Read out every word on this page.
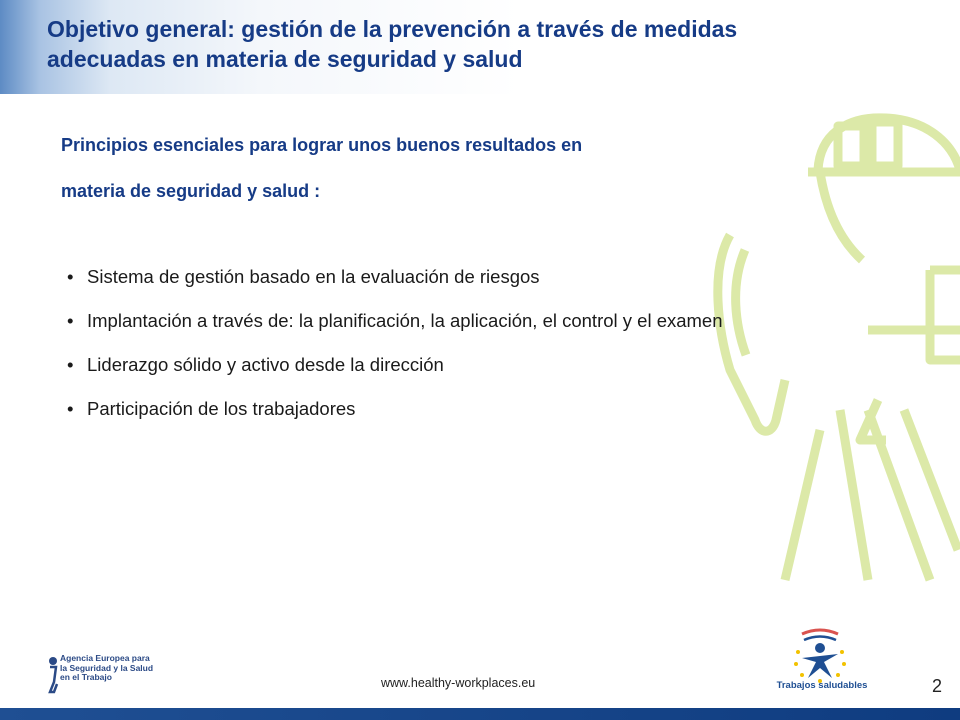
Objetivo general: gestión de la prevención a través de medidas
adecuadas en materia de seguridad y salud
Principios esenciales para lograr unos buenos resultados en
materia de seguridad y salud :
• Sistema de gestión basado en la evaluación de riesgos
• Implantación a través de: la planificación, la aplicación, el control y el examen
• Liderazgo sólido y activo desde la dirección
• Participación de los trabajadores
Agencia Europea para
la Seguridad y la Salud
en el Trabajo	www.healthy-workplaces.eu	Trabajos saludables	2
